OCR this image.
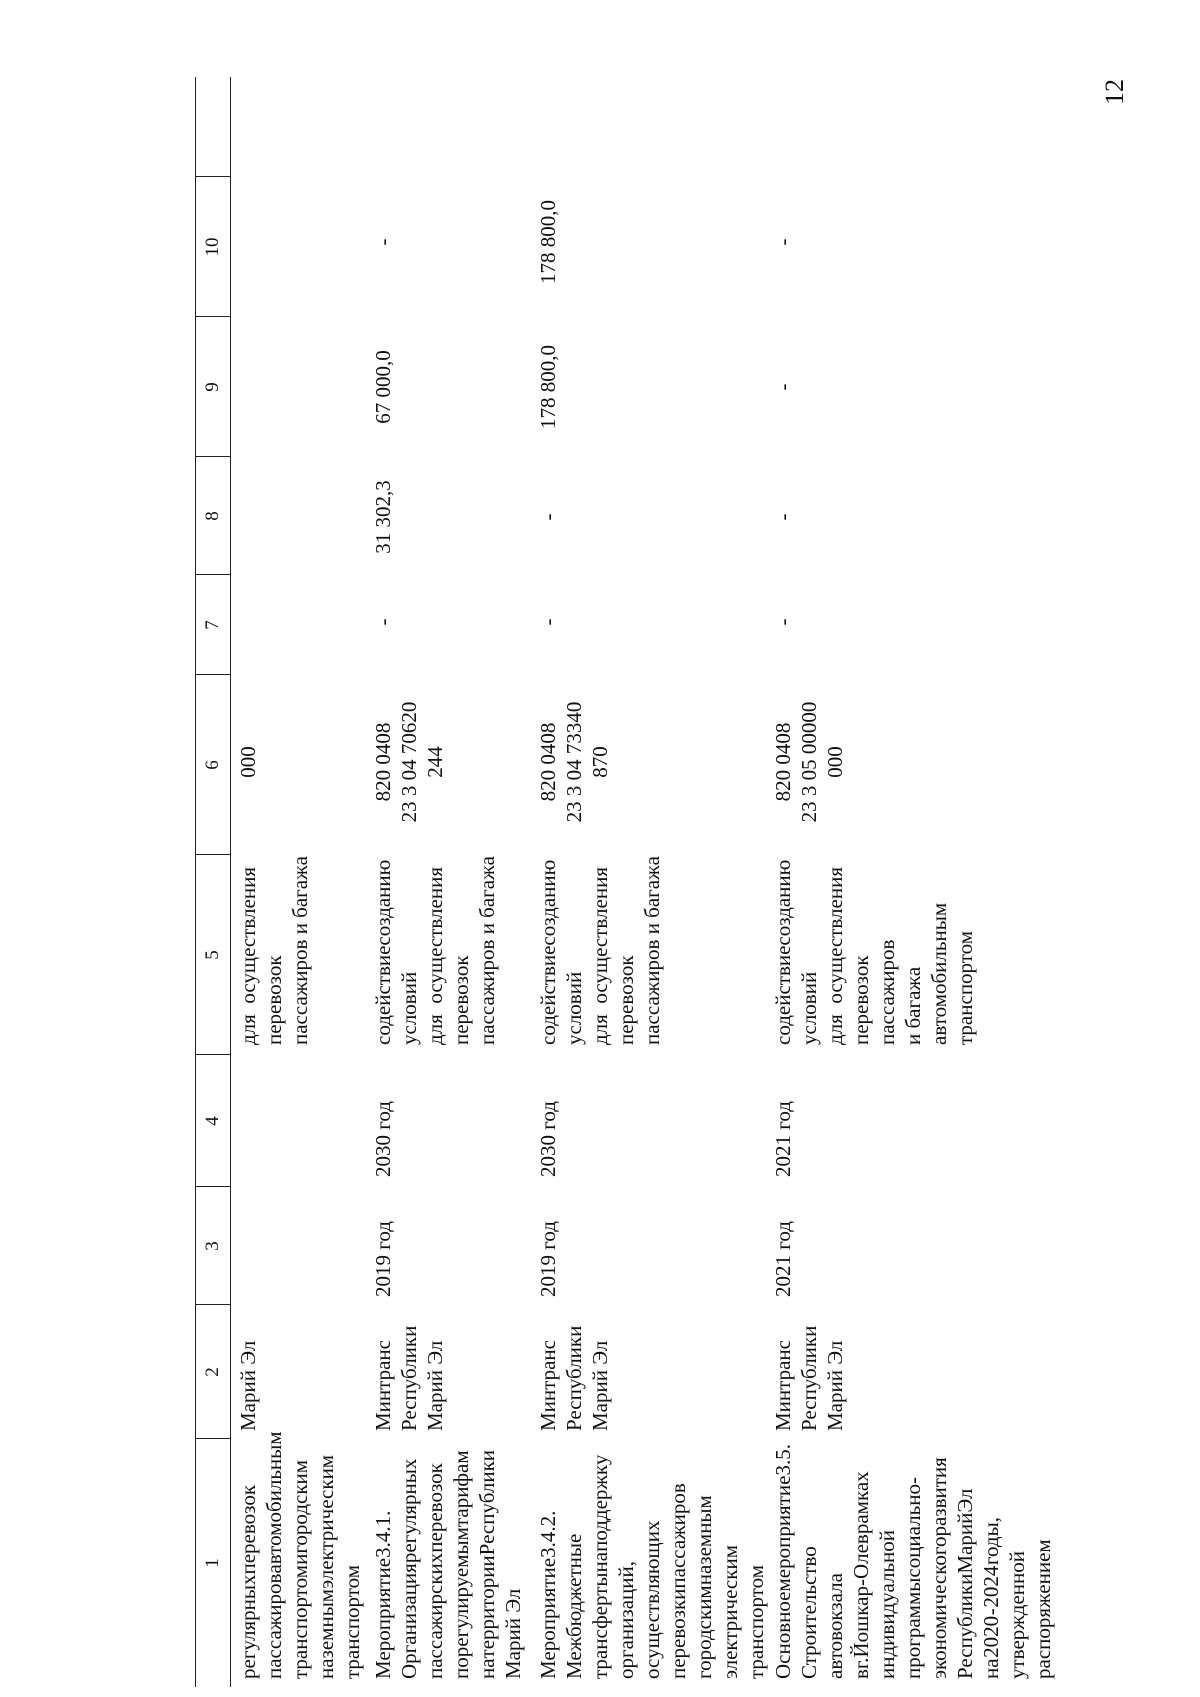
12
1
2
3
4
5
6
7
8
9
10
регулярных
перевозок
пассажиров
автомобильным
транспортом
и
городским
наземным
электрическим
транспортом
Марий Эл
для
осуществления перевозок пассажиров и багажа
000
Мероприятие
3.4.1.
Организация
регулярных
пассажирских
перевозок
по
регулируемым
тарифам
на
территории
Республики
Марий Эл
Минтранс Республики Марий Эл
2019 год
2030 год
содействие
созданию
условий для
осуществления перевозок пассажиров и багажа
820 0408 23 3 04 70620 244
-
31 302,3
67 000,0
-
Мероприятие
3.4.2. Межбюджетные трансферты
на
поддержку
организаций, осуществляющих перевозки
пассажиров
городским
наземным
электрическим транспортом
Минтранс Республики Марий Эл
2019 год
2030 год
содействие
созданию
условий для
осуществления перевозок пассажиров и багажа
820 0408 23 3 04 73340 870
-
-
178 800,0
178 800,0
Основное
мероприятие
3.5.
Строительство автовокзала в
г.
Йошкар-Оле
в
рамках
индивидуальной программы
социально-
экономического
развития
Республики
Марий
Эл
на
2020
-
2024
годы,
утвержденной распоряжением
Минтранс Республики Марий Эл
2021 год
2021 год
содействие
созданию
условий для
осуществления перевозок пассажиров и багажа автомобильным транспортом
820 0408 23 3 05 00000 000
-
-
-
-
